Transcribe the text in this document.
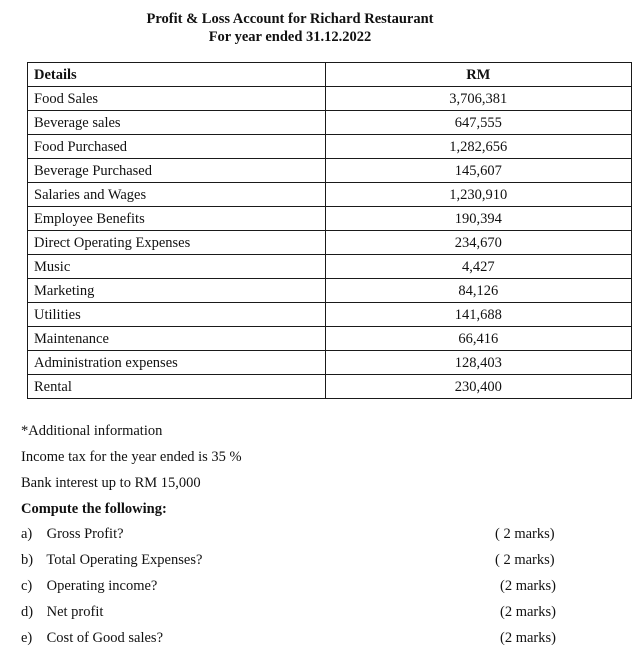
Profit & Loss Account for Richard Restaurant
For year ended 31.12.2022
Details	RM
Food Sales	3,706,381
Beverage sales	647,555
Food Purchased	1,282,656
Beverage Purchased	145,607
Salaries and Wages	1,230,910
Employee Benefits	190,394
Direct Operating Expenses	234,670
Music	4,427
Marketing	84,126
Utilities	141,688
Maintenance	66,416
Administration expenses	128,403
Rental	230,400
*Additional information
Income tax for the year ended is 35 %
Bank interest up to RM 15,000
Compute the following:
a) Gross Profit?	( 2 marks)
b) Total Operating Expenses?	( 2 marks)
c) Operating income?	(2 marks)
d) Net profit	(2 marks)
e) Cost of Good sales?	(2 marks)
